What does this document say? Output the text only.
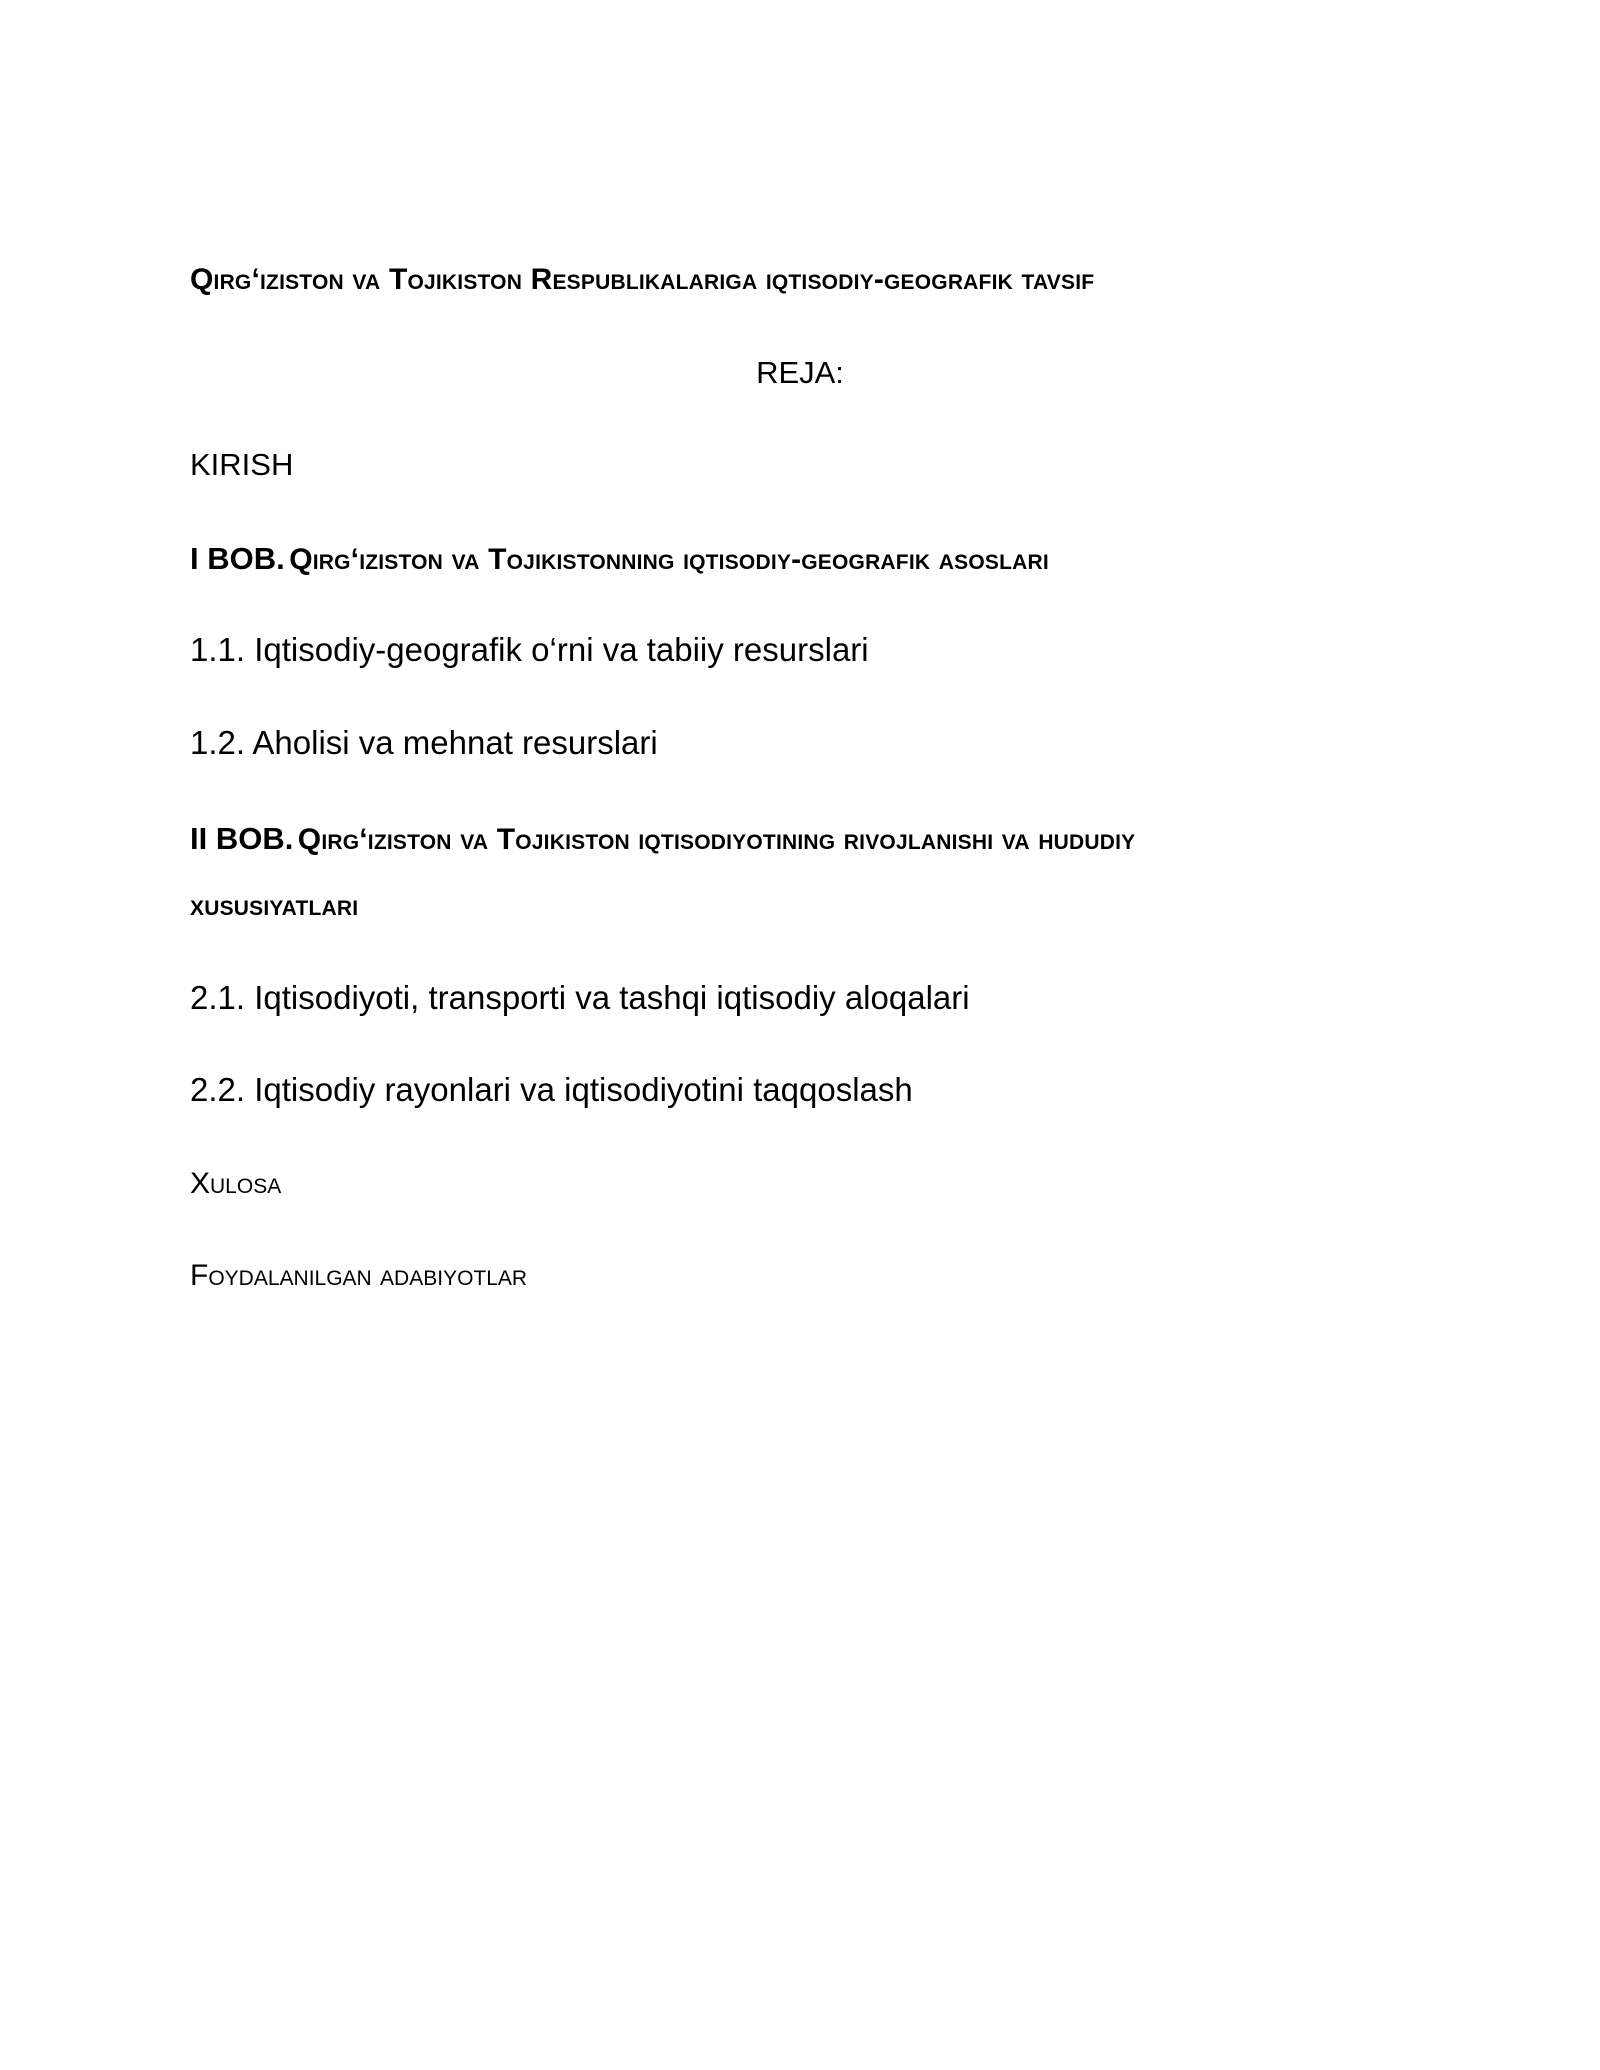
Qirg‘iziston va Tojikiston Respublikalariga iqtisodiy-geografik tavsif

REJA:

KIRISH

I BOB. Qirg‘iziston va Tojikistonning iqtisodiy-geografik asoslari

1.1. Iqtisodiy-geografik o‘rni va tabiiy resurslari

1.2. Aholisi va mehnat resurslari

II BOB. Qirg‘iziston va Tojikiston iqtisodiyotining rivojlanishi va hududiy

xususiyatlari

2.1. Iqtisodiyoti, transporti va tashqi iqtisodiy aloqalari

2.2. Iqtisodiy rayonlari va iqtisodiyotini taqqoslash

Xulosa

Foydalanilgan adabiyotlar
